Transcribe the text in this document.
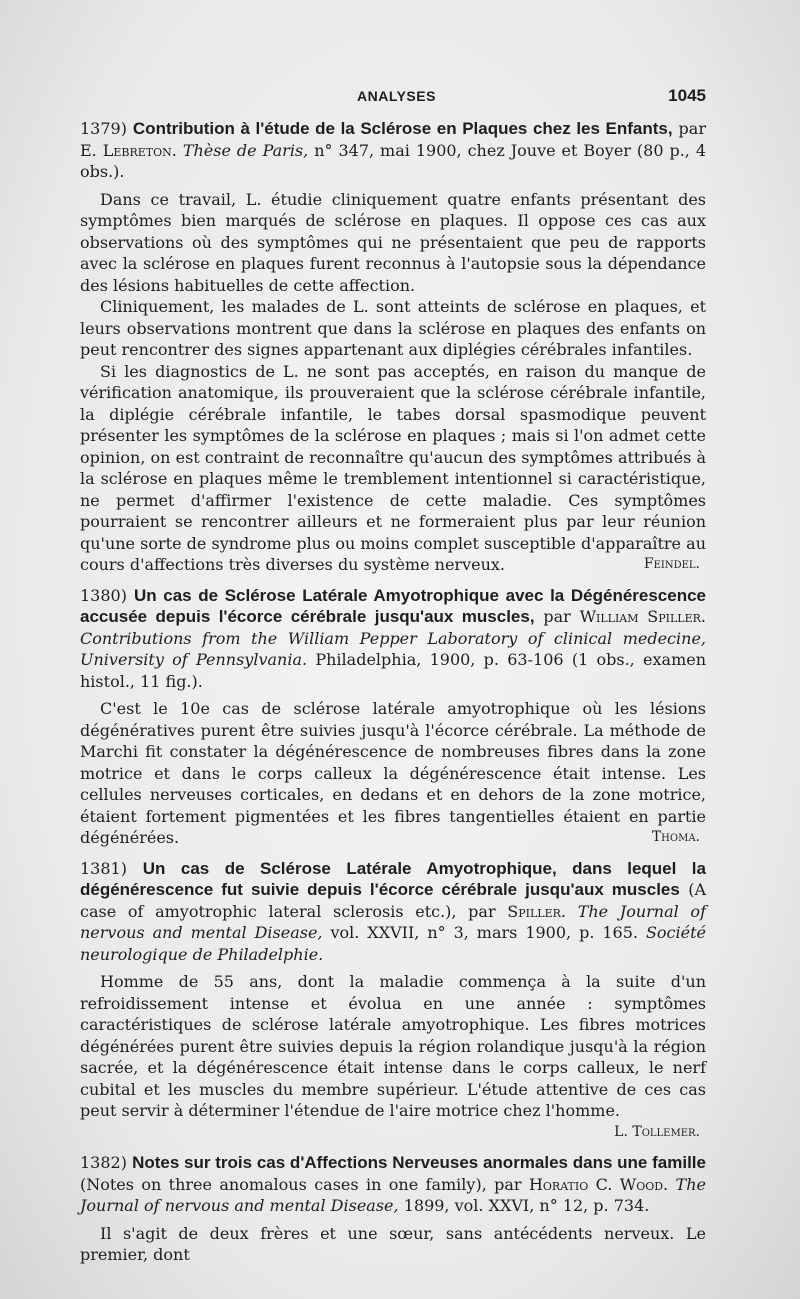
ANALYSES	1045

1379) Contribution à l'étude de la Sclérose en Plaques chez les Enfants, par E. Lebreton. Thèse de Paris, n° 347, mai 1900, chez Jouve et Boyer (80 p., 4 obs.).

Dans ce travail, L. étudie cliniquement quatre enfants présentant des symptômes bien marqués de sclérose en plaques. Il oppose ces cas aux observations où des symptômes qui ne présentaient que peu de rapports avec la sclérose en plaques furent reconnus à l'autopsie sous la dépendance des lésions habituelles de cette affection.

Cliniquement, les malades de L. sont atteints de sclérose en plaques, et leurs observations montrent que dans la sclérose en plaques des enfants on peut rencontrer des signes appartenant aux diplégies cérébrales infantiles.

Si les diagnostics de L. ne sont pas acceptés, en raison du manque de vérification anatomique, ils prouveraient que la sclérose cérébrale infantile, la diplégie cérébrale infantile, le tabes dorsal spasmodique peuvent présenter les symptômes de la sclérose en plaques ; mais si l'on admet cette opinion, on est contraint de reconnaître qu'aucun des symptômes attribués à la sclérose en plaques même le tremblement intentionnel si caractéristique, ne permet d'affirmer l'existence de cette maladie. Ces symptômes pourraient se rencontrer ailleurs et ne formeraient plus par leur réunion qu'une sorte de syndrome plus ou moins complet susceptible d'apparaître au cours d'affections très diverses du système nerveux.	Feindel.

1380) Un cas de Sclérose Latérale Amyotrophique avec la Dégénérescence accusée depuis l'écorce cérébrale jusqu'aux muscles, par William Spiller. Contributions from the William Pepper Laboratory of clinical medecine, University of Pennsylvania. Philadelphia, 1900, p. 63-106 (1 obs., examen histol., 11 fig.).

C'est le 10e cas de sclérose latérale amyotrophique où les lésions dégénératives purent être suivies jusqu'à l'écorce cérébrale. La méthode de Marchi fit constater la dégénérescence de nombreuses fibres dans la zone motrice et dans le corps calleux la dégénérescence était intense. Les cellules nerveuses corticales, en dedans et en dehors de la zone motrice, étaient fortement pigmentées et les fibres tangentielles étaient en partie dégénérées.	Thoma.

1381) Un cas de Sclérose Latérale Amyotrophique, dans lequel la dégénérescence fut suivie depuis l'écorce cérébrale jusqu'aux muscles (A case of amyotrophic lateral sclerosis etc.), par Spiller. The Journal of nervous and mental Disease, vol. XXVII, n° 3, mars 1900, p. 165. Société neurologique de Philadelphie.

Homme de 55 ans, dont la maladie commença à la suite d'un refroidissement intense et évolua en une année : symptômes caractéristiques de sclérose latérale amyotrophique. Les fibres motrices dégénérées purent être suivies depuis la région rolandique jusqu'à la région sacrée, et la dégénérescence était intense dans le corps calleux, le nerf cubital et les muscles du membre supérieur. L'étude attentive de ces cas peut servir à déterminer l'étendue de l'aire motrice chez l'homme.
L. Tollemer.

1382) Notes sur trois cas d'Affections Nerveuses anormales dans une famille (Notes on three anomalous cases in one family), par Horatio C. Wood. The Journal of nervous and mental Disease, 1899, vol. XXVI, n° 12, p. 734.

Il s'agit de deux frères et une sœur, sans antécédents nerveux. Le premier, dont
